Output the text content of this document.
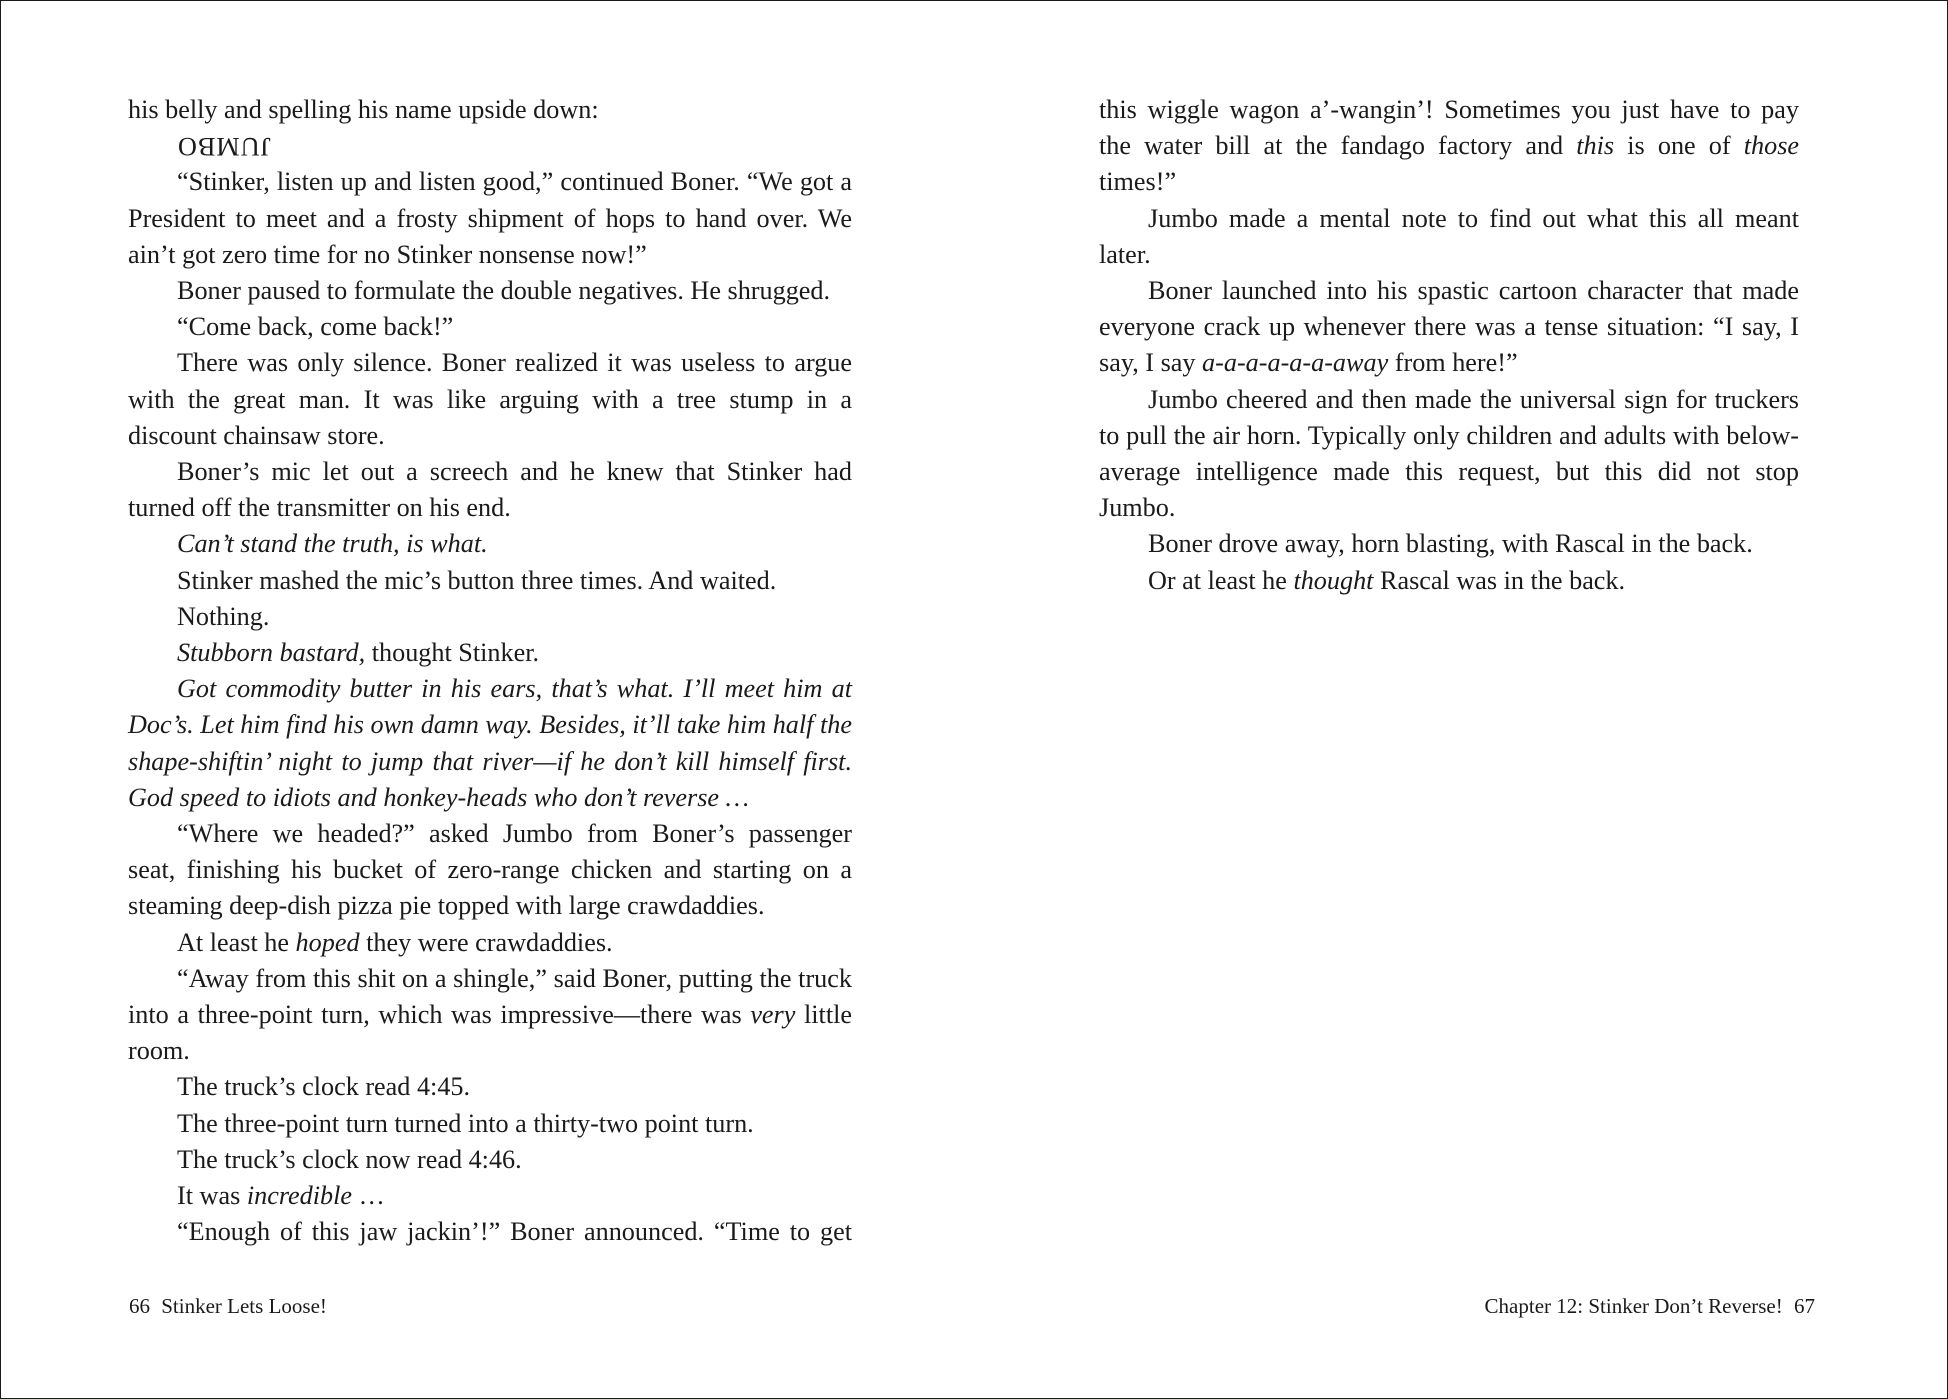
his belly and spelling his name upside down:

JUMBO

“Stinker, listen up and listen good,” continued Boner. “We got a President to meet and a frosty shipment of hops to hand over. We ain’t got zero time for no Stinker nonsense now!”

Boner paused to formulate the double negatives. He shrugged.

“Come back, come back!”

There was only silence. Boner realized it was useless to argue with the great man. It was like arguing with a tree stump in a discount chainsaw store.

Boner’s mic let out a screech and he knew that Stinker had turned off the transmitter on his end.

Can’t stand the truth, is what.

Stinker mashed the mic’s button three times. And waited.

Nothing.

Stubborn bastard, thought Stinker.

Got commodity butter in his ears, that’s what. I’ll meet him at Doc’s. Let him find his own damn way. Besides, it’ll take him half the shape-shiftin’ night to jump that river—if he don’t kill himself first. God speed to idiots and honkey-heads who don’t reverse …

“Where we headed?” asked Jumbo from Boner’s passenger seat, finishing his bucket of zero-range chicken and starting on a steaming deep-dish pizza pie topped with large crawdaddies.

At least he hoped they were crawdaddies.

“Away from this shit on a shingle,” said Boner, putting the truck into a three-point turn, which was impressive—there was very little room.

The truck’s clock read 4:45.

The three-point turn turned into a thirty-two point turn.

The truck’s clock now read 4:46.

It was incredible …

“Enough of this jaw jackin’!” Boner announced. “Time to get

66 Stinker Lets Loose!

this wiggle wagon a’-wangin’! Sometimes you just have to pay the water bill at the fandago factory and this is one of those times!”

Jumbo made a mental note to find out what this all meant later.

Boner launched into his spastic cartoon character that made everyone crack up whenever there was a tense situation: “I say, I say, I say a-a-a-a-a-a-away from here!”

Jumbo cheered and then made the universal sign for truckers to pull the air horn. Typically only children and adults with below-average intelligence made this request, but this did not stop Jumbo.

Boner drove away, horn blasting, with Rascal in the back.

Or at least he thought Rascal was in the back.

Chapter 12: Stinker Don’t Reverse! 67
